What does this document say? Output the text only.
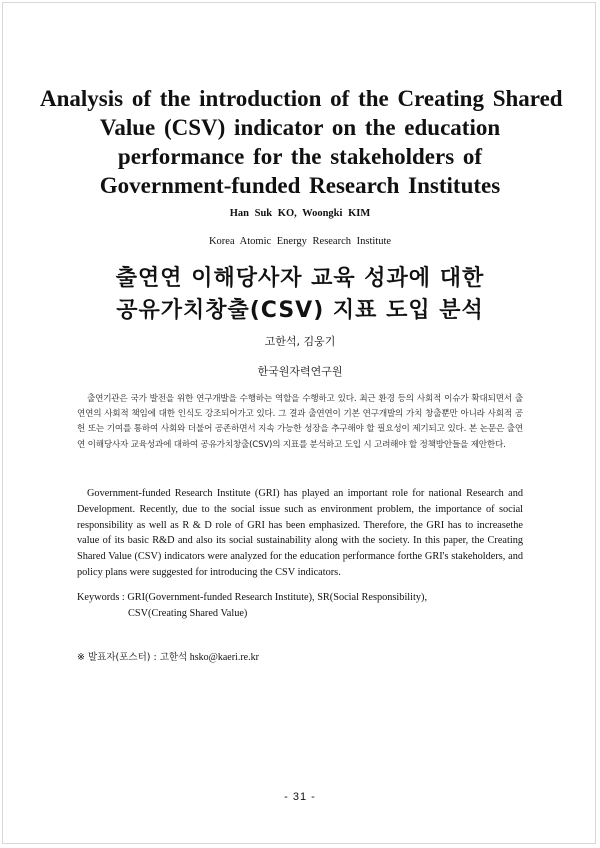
Analysis of the introduction of the Creating Shared
Value (CSV) indicator on the education
performance for the stakeholders of
Government-funded Research Institutes
Han Suk KO, Woongki KIM
Korea Atomic Energy Research Institute
출연연 이해당사자 교육 성과에 대한
공유가치창출(CSV) 지표 도입 분석
고한석, 김웅기
한국원자력연구원

출연기관은 국가 발전을 위한 연구개발을 수행하는 역할을 수행하고 있다. 최근 환경 등의 사회적 이슈가 확대되면서 출연연의 사회적 책임에 대한 인식도 강조되어가고 있다. 그 결과 출연연이 기본 연구개발의 가치 창출뿐만 아니라 사회적 공헌 또는 기여를 통하여 사회와 더불어 공존하면서 지속 가능한 성장을 추구해야 할 필요성이 제기되고 있다. 본 논문은 출연연 이해당사자 교육성과에 대하여 공유가치창출(CSV)의 지표를 분석하고 도입 시 고려해야 할 정책방안들을 제안한다.

Government-funded Research Institute (GRI) has played an important role for national Research and Development. Recently, due to the social issue such as environment problem, the importance of social responsibility as well as R & D role of GRI has been emphasized. Therefore, the GRI has to increasethe value of its basic R&D and also its social sustainability along with the society. In this paper, the Creating Shared Value (CSV) indicators were analyzed for the education performance forthe GRI's stakeholders, and policy plans were suggested for introducing the CSV indicators.

Keywords : GRI(Government-funded Research Institute), SR(Social Responsibility),
CSV(Creating Shared Value)
※ 발표자(포스터) : 고한석 hsko@kaeri.re.kr
- 31 -
